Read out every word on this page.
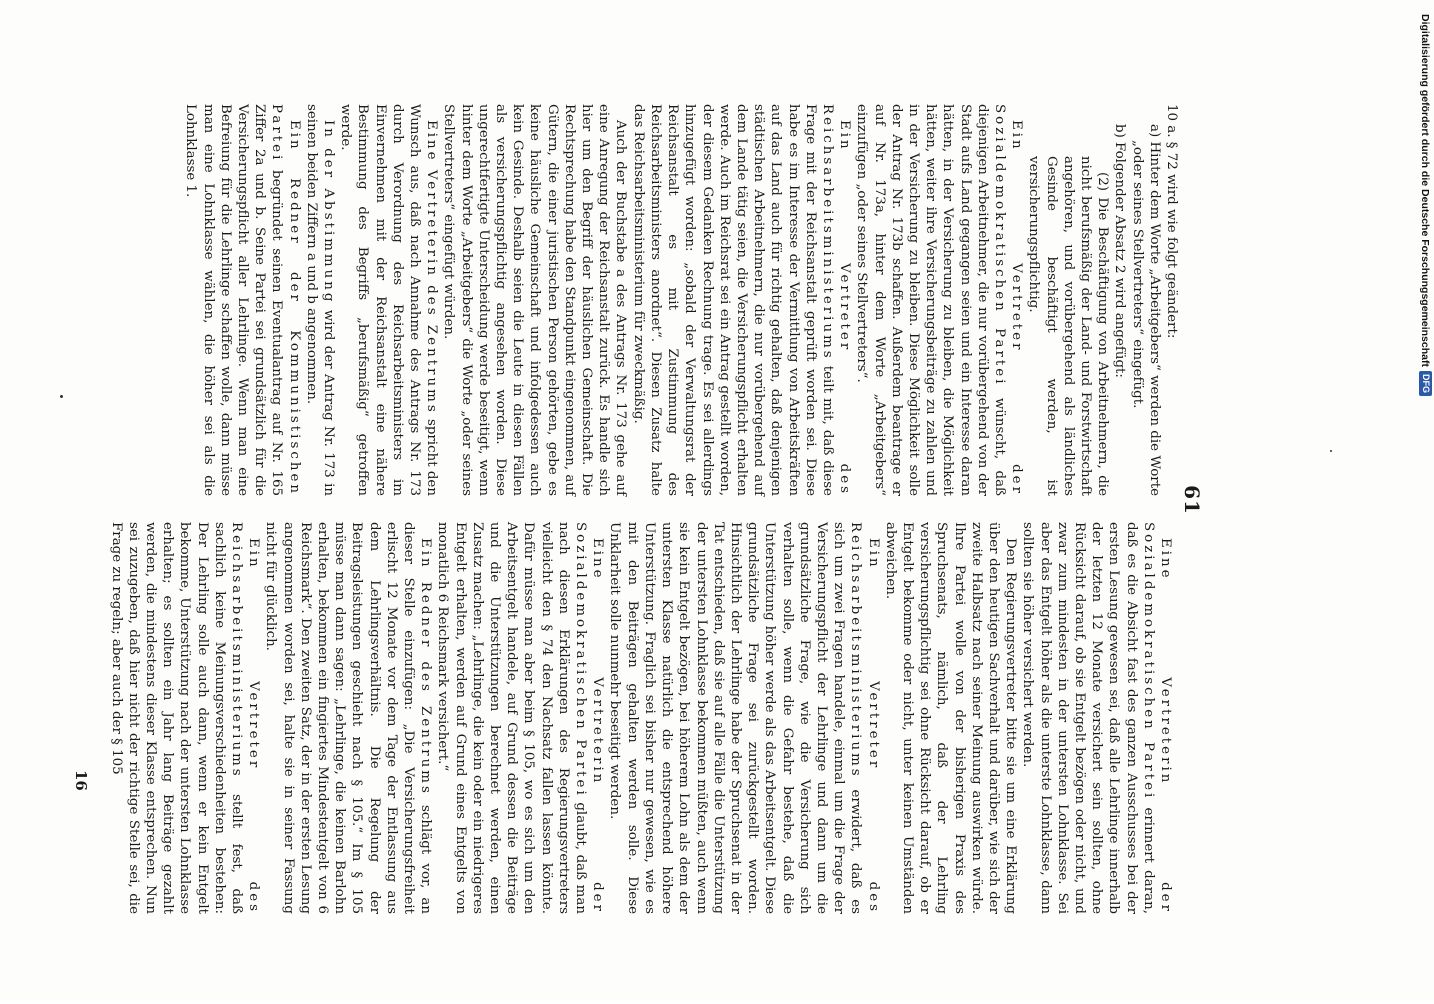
61

10 a. § 72 wird wie folgt geändert:

a) Hinter dem Worte „Arbeitgebers“ werden die Worte „oder seines Stellvertreters“ eingefügt.

b) Folgender Absatz 2 wird angefügt:

(2) Die Beschäftigung von Arbeitnehmern, die nicht berufsmäßig der Land- und Forstwirtschaft angehören, und vorübergehend als ländliches Gesinde beschäftigt werden, ist versicherungspflichtig.

Ein Vertreter der Sozialdemokratischen Partei wünscht, daß diejenigen Arbeitnehmer, die nur vorübergehend von der Stadt aufs Land gegangen seien und ein Interesse daran hätten, in der Versicherung zu bleiben, die Möglichkeit hätten, weiter ihre Versicherungsbeiträge zu zahlen und in der Versicherung zu bleiben. Diese Möglichkeit solle der Antrag Nr. 173b schaffen. Außerdem beantrage er auf Nr. 173a, hinter dem Worte „Arbeitgebers“ einzufügen „oder seines Stellvertreters“.

Ein Vertreter des Reichsarbeitsministeriums teilt mit, daß diese Frage mit der Reichsanstalt geprüft worden sei. Diese habe es im Interesse der Vermittlung von Arbeitskräften auf das Land auch für richtig gehalten, daß denjenigen städtischen Arbeitnehmern, die nur vorübergehend auf dem Lande tätig seien, die Versicherungspflicht erhalten werde. Auch im Reichsrat sei ein Antrag gestellt worden, der diesem Gedanken Rechnung trage. Es sei allerdings hinzugefügt worden: „sobald der Verwaltungsrat der Reichsanstalt es mit Zustimmung des Reichsarbeitsministers anordnet“. Diesen Zusatz halte das Reichsarbeitsministerium für zweckmäßig.

Auch der Buchstabe a des Antrags Nr. 173 gehe auf eine Anregung der Reichsanstalt zurück. Es handle sich hier um den Begriff der häuslichen Gemeinschaft. Die Rechtsprechung habe den Standpunkt eingenommen, auf Gütern, die einer juristischen Person gehörten, gebe es keine häusliche Gemeinschaft und infolgedessen auch kein Gesinde. Deshalb seien die Leute in diesen Fällen als versicherungspflichtig angesehen worden. Diese ungerechtfertigte Unterscheidung werde beseitigt, wenn hinter dem Worte „Arbeitgebers“ die Worte „oder seines Stellvertreters“ eingefügt würden.

Eine Vertreterin des Zentrums spricht den Wunsch aus, daß nach Annahme des Antrags Nr. 173 durch Verordnung des Reichsarbeitsministers im Einvernehmen mit der Reichsanstalt eine nähere Bestimmung des Begriffs „berufsmäßig“ getroffen werde.

In der Abstimmung wird der Antrag Nr. 173 in seinen beiden Ziffern a und b angenommen.

Ein Redner der Kommunistischen Partei begründet seinen Eventualantrag auf Nr. 165 Ziffer 2a und b. Seine Partei sei grundsätzlich für die Versicherungspflicht aller Lehrlinge. Wenn man eine Befreiung für die Lehrlinge schaffen wolle, dann müsse man eine Lohnklasse wählen, die höher sei als die Lohnklasse 1.

Eine Vertreterin der Sozialdemokratischen Partei erinnert daran, daß es die Absicht fast des ganzen Ausschusses bei der ersten Lesung gewesen sei, daß alle Lehrlinge innerhalb der letzten 12 Monate versichert sein sollten, ohne Rücksicht darauf, ob sie Entgelt bezögen oder nicht, und zwar zum mindesten in der untersten Lohnklasse. Sei aber das Entgelt höher als die unterste Lohnklasse, dann sollten sie höher versichert werden.

Den Regierungsvertreter bitte sie um eine Erklärung über den heutigen Sachverhalt und darüber, wie sich der zweite Halbsatz nach seiner Meinung auswirken würde. Ihre Partei wolle von der bisherigen Praxis des Spruchsenats, nämlich, daß der Lehrling versicherungspflichtig sei ohne Rücksicht darauf, ob er Entgelt bekomme oder nicht, unter keinen Umständen abweichen.

Ein Vertreter des Reichsarbeitsministeriums erwidert, daß es sich um zwei Fragen handele, einmal um die Frage der Versicherungspflicht der Lehrlinge und dann um die grundsätzliche Frage, wie die Versicherung sich verhalten solle, wenn die Gefahr bestehe, daß die Unterstützung höher werde als das Arbeitsentgelt. Diese grundsätzliche Frage sei zurückgestellt worden. Hinsichtlich der Lehrlinge habe der Spruchsenat in der Tat entschieden, daß sie auf alle Fälle die Unterstützung der untersten Lohnklasse bekommen müßten, auch wenn sie kein Entgelt bezögen, bei höherem Lohn als dem der untersten Klasse natürlich die entsprechend höhere Unterstützung. Fraglich sei bisher nur gewesen, wie es mit den Beiträgen gehalten werden solle. Diese Unklarheit solle nunmehr beseitigt werden.

Eine Vertreterin der Sozialdemokratischen Partei glaubt, daß man nach diesen Erklärungen des Regierungsvertreters vielleicht den § 74 den Nachsatz fallen lassen könnte. Dafür müsse man aber beim § 105, wo es sich um den Arbeitsentgelt handele, auf Grund dessen die Beiträge und die Unterstützungen berechnet werden, einen Zusatz machen: „Lehrlinge, die kein oder ein niedrigeres Entgelt erhalten, werden auf Grund eines Entgelts von monatlich 6 Reichsmark versichert.“

Ein Redner des Zentrums schlägt vor, an dieser Stelle einzufügen: „Die Versicherungsfreiheit erlischt 12 Monate vor dem Tage der Entlassung aus dem Lehrlingsverhältnis. Die Regelung der Beitragsleistungen geschieht nach § 105.“ Im § 105 müsse man dann sagen: „Lehrlinge, die keinen Barlohn erhalten, bekommen ein fingiertes Mindestentgelt von 6 Reichsmark“. Den zweiten Satz, der in der ersten Lesung angenommen worden sei, halte sie in seiner Fassung nicht für glücklich.

Ein Vertreter des Reichsarbeitsministeriums stellt fest, daß sachlich keine Meinungsverschiedenheiten bestehen: Der Lehrling solle auch dann, wenn er kein Entgelt bekomme, Unterstützung nach der untersten Lohnklasse erhalten; es sollten ein Jahr lang Beiträge gezahlt werden, die mindestens dieser Klasse entsprechen. Nun sei zuzugeben, daß hier nicht der richtige Stelle sei, die Frage zu regeln; aber auch der § 105

16
Digitalisierung gefördert durch die Deutsche Forschungsgemeinschaft
DFG
